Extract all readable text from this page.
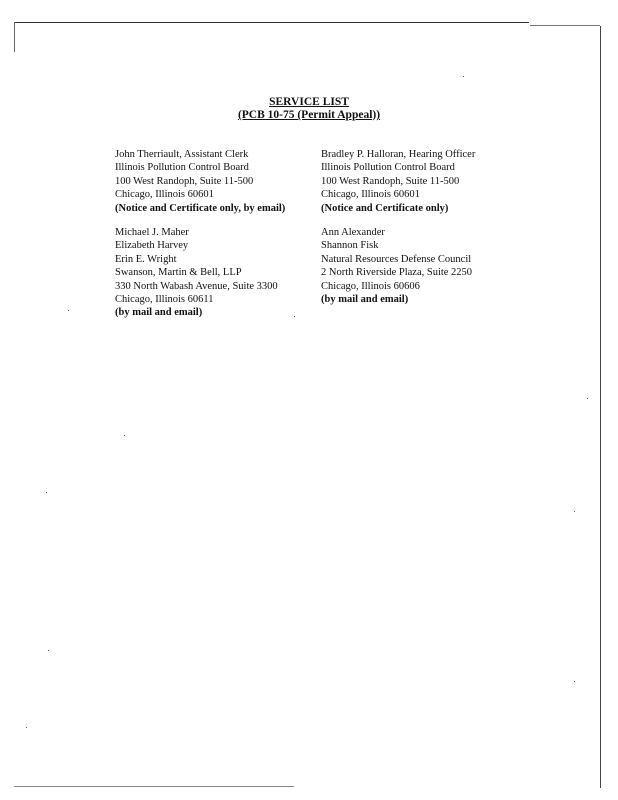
SERVICE LIST
(PCB 10-75 (Permit Appeal))
John Therriault, Assistant Clerk
Illinois Pollution Control Board
100 West Randoph, Suite 11-500
Chicago, Illinois 60601
(Notice and Certificate only, by email)
Michael J. Maher
Elizabeth Harvey
Erin E. Wright
Swanson, Martin & Bell, LLP
330 North Wabash Avenue, Suite 3300
Chicago, Illinois 60611
(by mail and email)
Bradley P. Halloran, Hearing Officer
Illinois Pollution Control Board
100 West Randoph, Suite 11-500
Chicago, Illinois 60601
(Notice and Certificate only)
Ann Alexander
Shannon Fisk
Natural Resources Defense Council
2 North Riverside Plaza, Suite 2250
Chicago, Illinois 60606
(by mail and email)
